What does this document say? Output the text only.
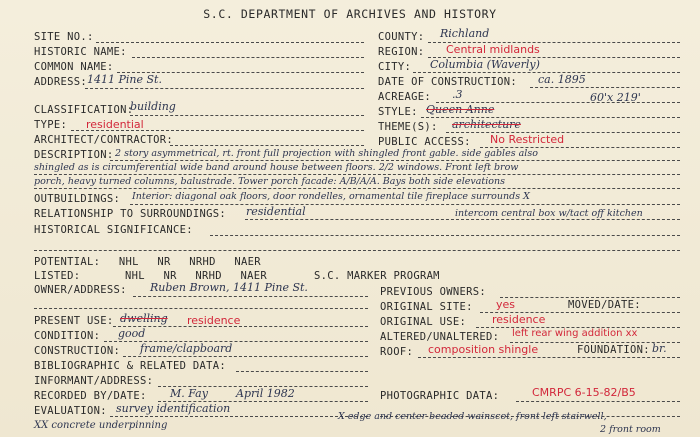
S.C. DEPARTMENT OF ARCHIVES AND HISTORY
SITE NO.:
HISTORIC NAME:
COMMON NAME:
ADDRESS: 1411 Pine St.
CLASSIFICATION:
building
TYPE: residential
ARCHITECT/CONTRACTOR:
DESCRIPTION: 2 story asymmetrical, rt. front full projection with shingled front gable. side gables also
shingled as is circumferential wide band around house between floors. 2/2 windows. Front left brow
porch, heavy turned columns, balustrade. Tower porch facade: A/B/A/A. Bays both side elevations
OUTBUILDINGS: Interior: diagonal oak floors, door rondelles, ornamental tile fireplace surrounds X
RELATIONSHIP TO SURROUNDINGS: residential	intercom central box w/tact off kitchen
HISTORICAL SIGNIFICANCE:
POTENTIAL: NHL NR NRHD NAER
LISTED:	NHL NR NRHD NAER	S.C. MARKER PROGRAM
OWNER/ADDRESS: Ruben Brown, 1411 Pine St.
PRESENT USE: dwelling residence
CONDITION: good
CONSTRUCTION: frame/clapboard
BIBLIOGRAPHIC & RELATED DATA:
INFORMANT/ADDRESS:
RECORDED BY/DATE: M. Fay	April 1982
EVALUATION: survey identification
XX concrete underpinning
COUNTY: Richland
REGION: Central midlands
CITY: Columbia (Waverly)
DATE OF CONSTRUCTION: ca. 1895
ACREAGE: .3	60'x 219'
STYLE: Queen Anne
THEME(S): architecture
PUBLIC ACCESS: No Restricted
PREVIOUS OWNERS:
ORIGINAL SITE: yes	MOVED/DATE:
ORIGINAL USE: residence
ALTERED/UNALTERED: left rear wing addition xx
ROOF: composition shingle	FOUNDATION: br.
PHOTOGRAPHIC DATA:	CMRPC 6-15-82/B5
X edge and center beaded wainscot, front left stairwell,
2 front room
